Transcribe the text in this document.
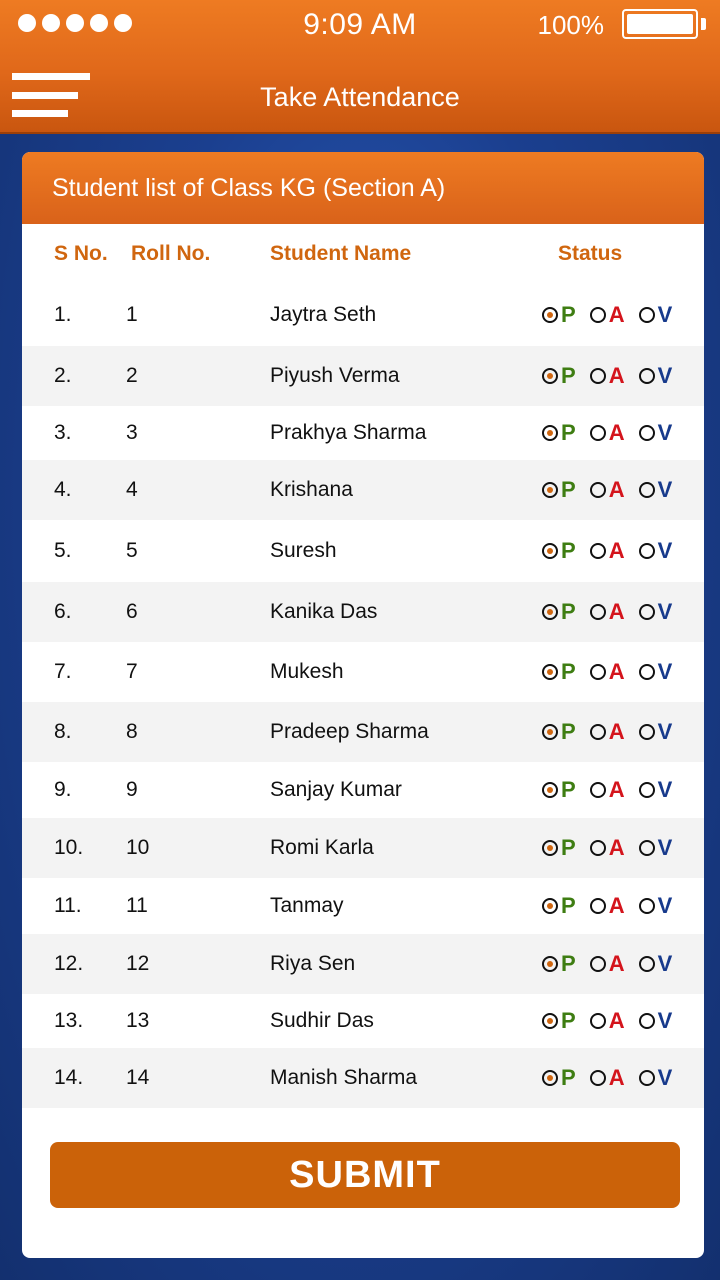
9:09 AM	100%
Take Attendance
Student list of Class KG (Section A)
S No. Roll No.	Student Name	Status
1.	1	Jaytra Seth	P A V
2.	2	Piyush Verma	P A V
3.	3	Prakhya Sharma	P A V
4.	4	Krishana	P A V
5.	5	Suresh	P A V
6.	6	Kanika Das	P A V
7.	7	Mukesh	P A V
8.	8	Pradeep Sharma	P A V
9.	9	Sanjay Kumar	P A V
10. 10	Romi Karla	P A V
11. 11	Tanmay	P A V
12. 12	Riya Sen	P A V
13. 13	Sudhir Das	P A V
14. 14	Manish Sharma	P A V
SUBMIT
